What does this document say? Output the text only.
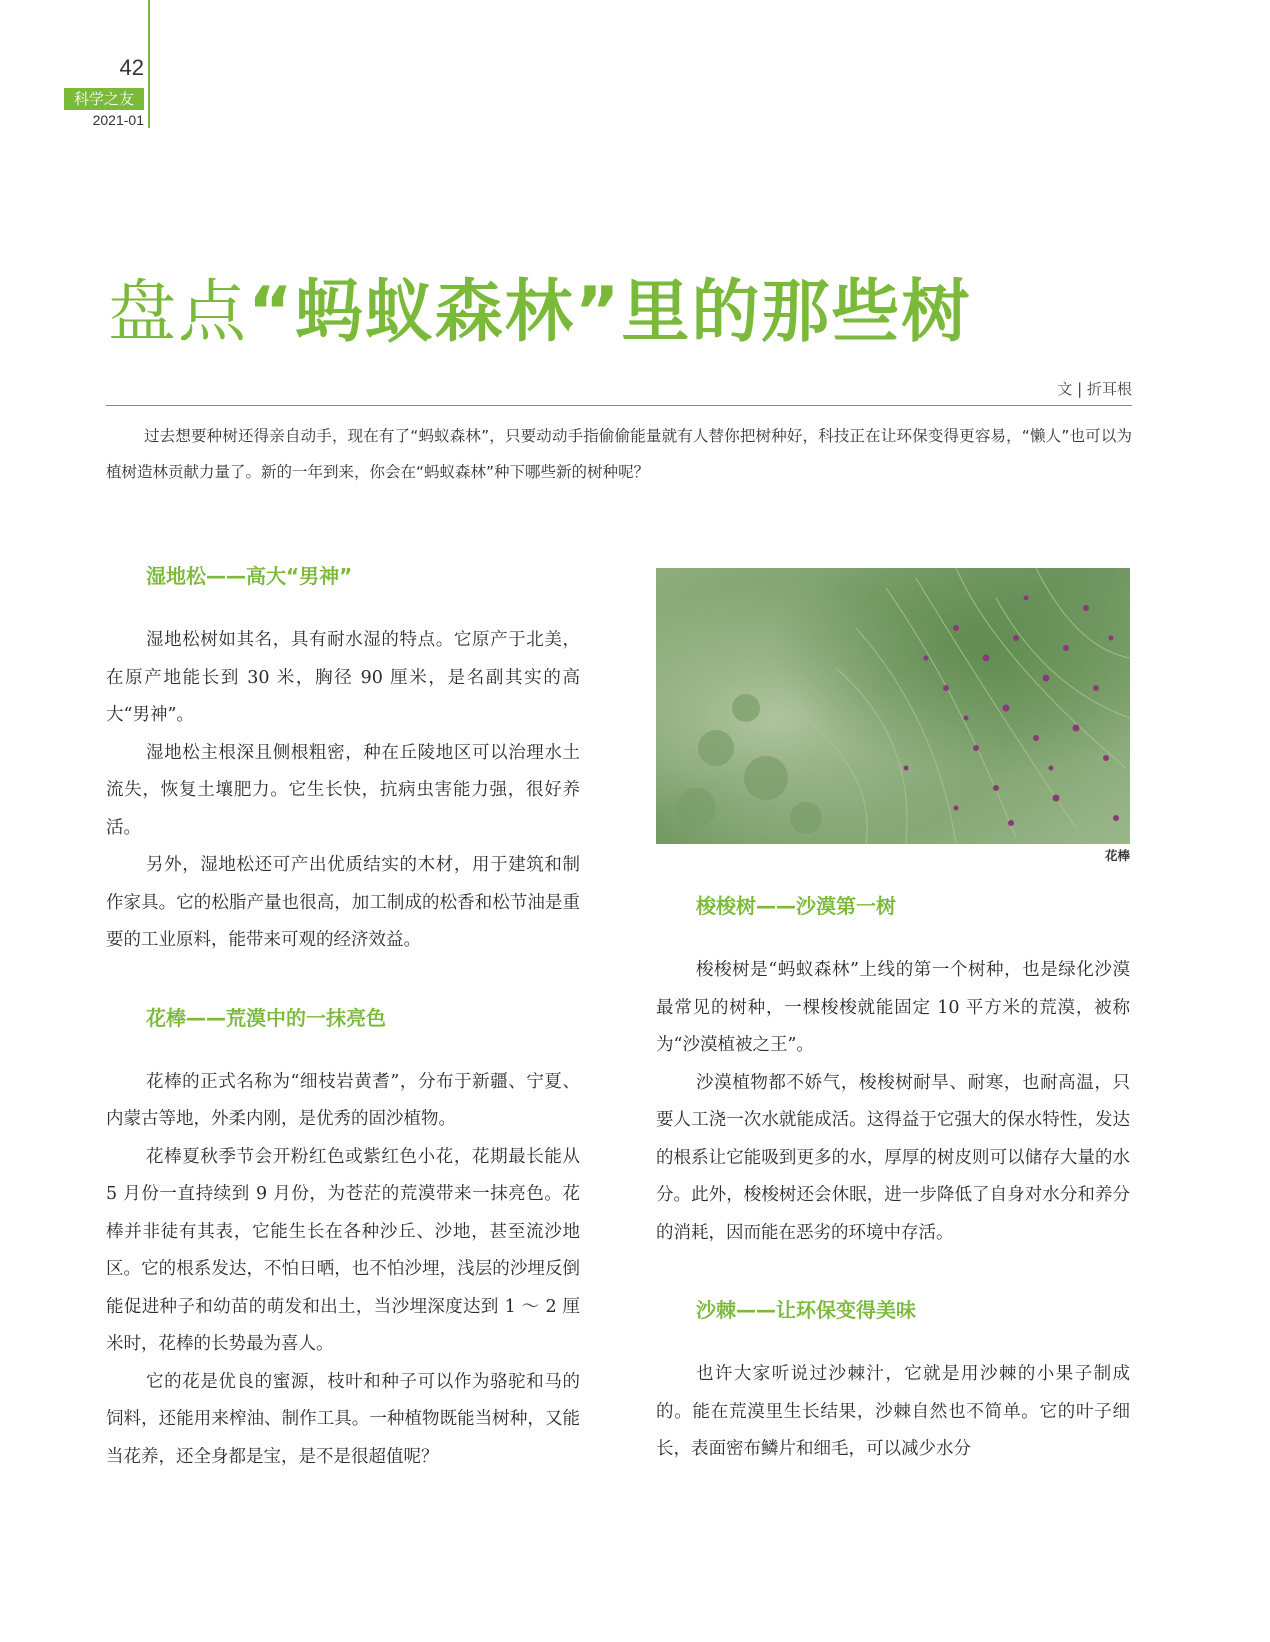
42
科学之友
2021-01
盘点“蚂蚁森林”里的那些树
文 | 折耳根

过去想要种树还得亲自动手，现在有了“蚂蚁森林”，只要动动手指偷偷能量就有人替你把树种好，科技正在让环保变得更容易，“懒人”也可以为植树造林贡献力量了。新的一年到来，你会在“蚂蚁森林”种下哪些新的树种呢？

湿地松——高大“男神”

湿地松树如其名，具有耐水湿的特点。它原产于北美，在原产地能长到 30 米，胸径 90 厘米，是名副其实的高大“男神”。

湿地松主根深且侧根粗密，种在丘陵地区可以治理水土流失，恢复土壤肥力。它生长快，抗病虫害能力强，很好养活。

另外，湿地松还可产出优质结实的木材，用于建筑和制作家具。它的松脂产量也很高，加工制成的松香和松节油是重要的工业原料，能带来可观的经济效益。

花棒——荒漠中的一抹亮色

花棒的正式名称为“细枝岩黄耆”，分布于新疆、宁夏、内蒙古等地，外柔内刚，是优秀的固沙植物。

花棒夏秋季节会开粉红色或紫红色小花，花期最长能从 5 月份一直持续到 9 月份，为苍茫的荒漠带来一抹亮色。花棒并非徒有其表，它能生长在各种沙丘、沙地，甚至流沙地区。它的根系发达，不怕日晒，也不怕沙埋，浅层的沙埋反倒能促进种子和幼苗的萌发和出土，当沙埋深度达到 1 ～ 2 厘米时，花棒的长势最为喜人。

它的花是优良的蜜源，枝叶和种子可以作为骆驼和马的饲料，还能用来榨油、制作工具。一种植物既能当树种，又能当花养，还全身都是宝，是不是很超值呢？

花棒

梭梭树——沙漠第一树

梭梭树是“蚂蚁森林”上线的第一个树种，也是绿化沙漠最常见的树种，一棵梭梭就能固定 10 平方米的荒漠，被称为“沙漠植被之王”。

沙漠植物都不娇气，梭梭树耐旱、耐寒，也耐高温，只要人工浇一次水就能成活。这得益于它强大的保水特性，发达的根系让它能吸到更多的水，厚厚的树皮则可以储存大量的水分。此外，梭梭树还会休眠，进一步降低了自身对水分和养分的消耗，因而能在恶劣的环境中存活。

沙棘——让环保变得美味

也许大家听说过沙棘汁，它就是用沙棘的小果子制成的。能在荒漠里生长结果，沙棘自然也不简单。它的叶子细长，表面密布鳞片和细毛，可以减少水分
